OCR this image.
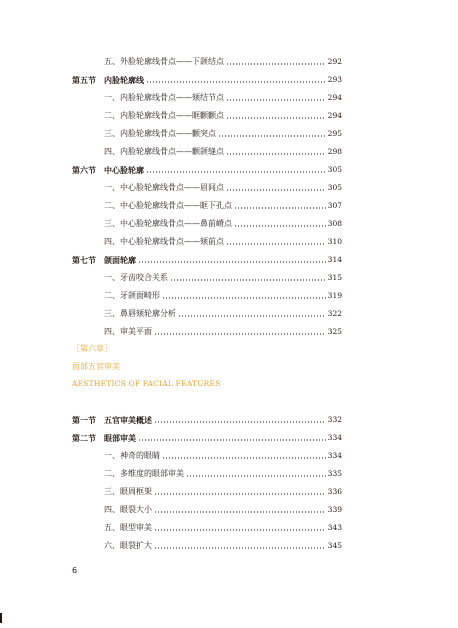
五、外脸轮廓线骨点——下颌结点	292
第五节 内脸轮廓线	293
一、内脸轮廓线骨点——颏结节点	294
二、内脸轮廓线骨点——眶颧颧点	294
三、内脸轮廓线骨点——颧突点	295
四、内脸轮廓线骨点——颧颌缝点	298
第六节 中心脸轮廓	305
一、中心脸轮廓线骨点——眉间点	305
二、中心脸轮廓线骨点——眶下孔点	307
三、中心脸轮廓线骨点——鼻前嵴点	308
四、中心脸轮廓线骨点——颏前点	310
第七节 颌面轮廓	314
一、牙齿咬合关系	315
二、牙颌面畸形	319
三、鼻唇颏轮廓分析	322
四、审美平面	325
第一节 五官审美概述	332
第二节 眼部审美	334
一、神奇的眼睛	334
二、多维度的眼部审美	335
三、眼周框架	336
四、眼裂大小	339
五、眼型审美	343
六、眼裂扩大	345
［第六章］
面部五官审美
AESTHETICS OF FACIAL FEATURES
6
